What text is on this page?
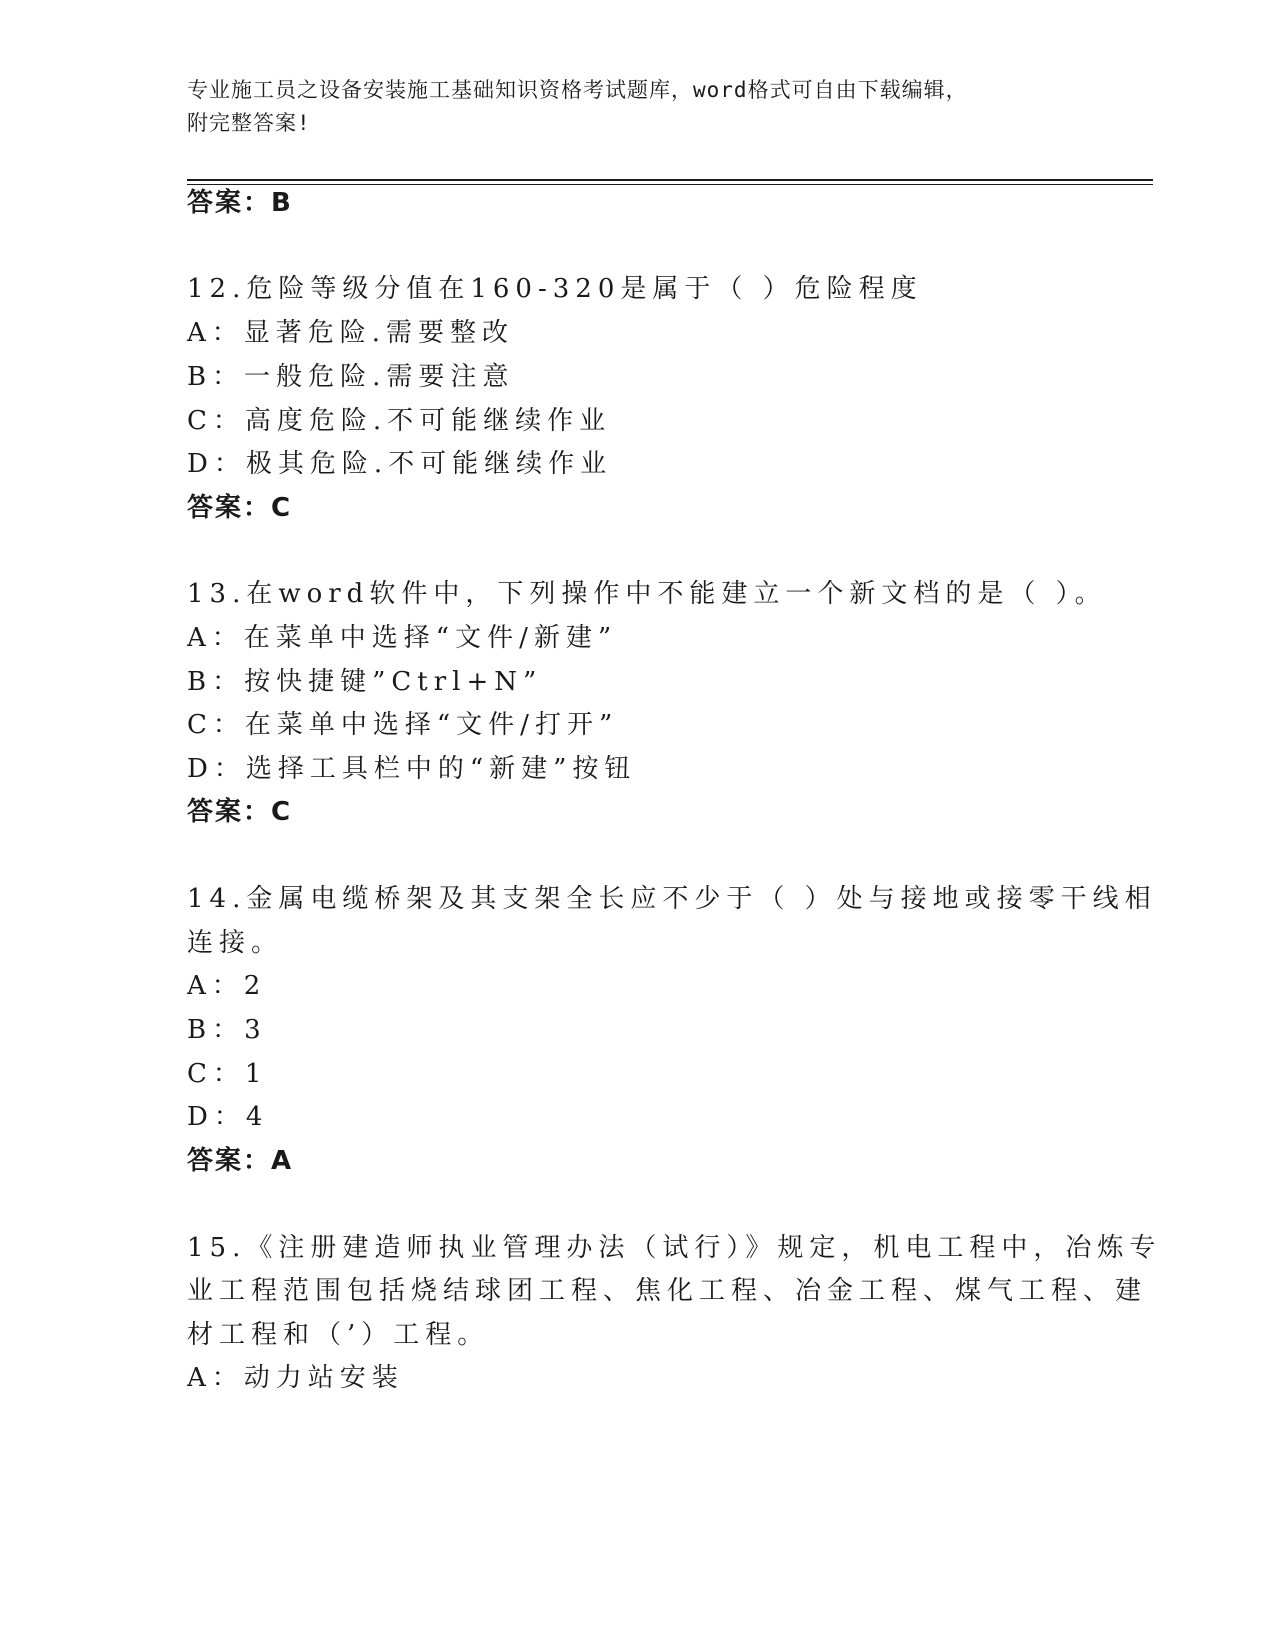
专业施工员之设备安装施工基础知识资格考试题库，word格式可自由下载编辑，
附完整答案!
答案：B
12.危险等级分值在160-320是属于（ ）危险程度
A：显著危险.需要整改
B：一般危险.需要注意
C：高度危险.不可能继续作业
D：极其危险.不可能继续作业
答案：C
13.在word软件中，下列操作中不能建立一个新文档的是（ ）。
A：在菜单中选择“文件/新建”
B：按快捷键”Ctrl+N”
C：在菜单中选择“文件/打开”
D：选择工具栏中的“新建”按钮
答案：C
14.金属电缆桥架及其支架全长应不少于（ ）处与接地或接零干线相
连接。
A：2
B：3
C：1
D：4
答案：A
15.《注册建造师执业管理办法（试行）》规定，机电工程中，冶炼专
业工程范围包括烧结球团工程、焦化工程、冶金工程、煤气工程、建
材工程和（’）工程。
A：动力站安装
